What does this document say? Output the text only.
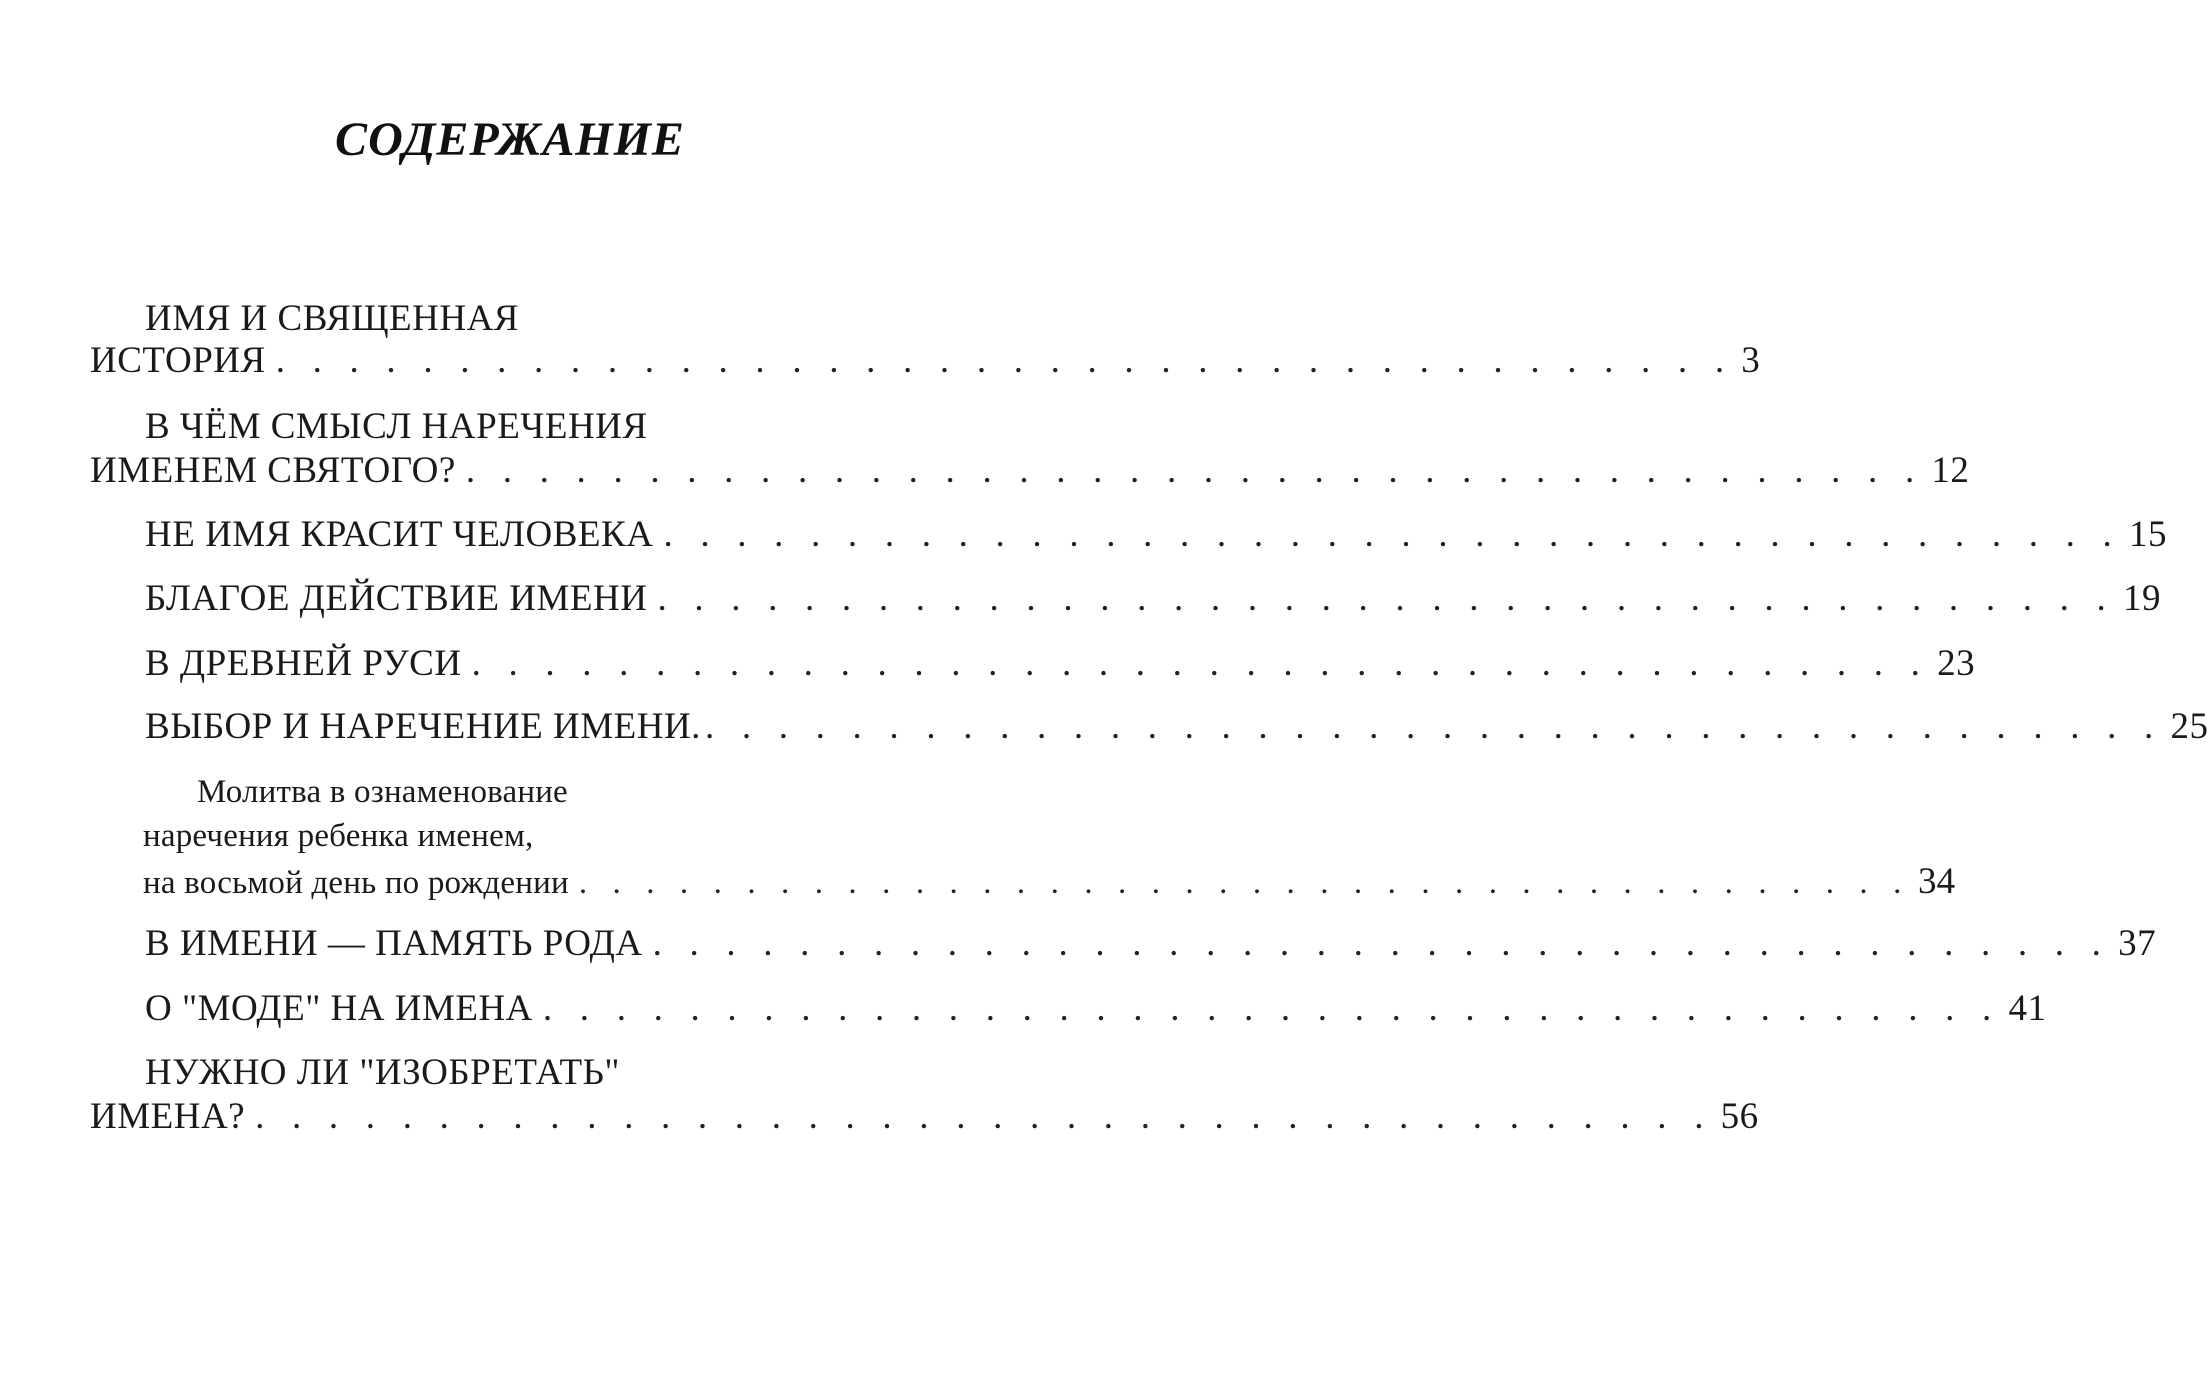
СОДЕРЖАНИЕ
ИМЯ И СВЯЩЕННАЯ
ИСТОРИЯ . . . . . . . . . . . . . . . . . . . . . . . . . . . . . . . . . . . . . . . . 3
В ЧЁМ СМЫСЛ НАРЕЧЕНИЯ
ИМЕНЕМ СВЯТОГО? . . . . . . . . . . . . . . . . . . . . . . . . . . . . . . . . . . . . . . . . 12
НЕ ИМЯ КРАСИТ ЧЕЛОВЕКА . . . . . . . . . . . . . . . . . . . . . . . . . . . . . . . . . . . . . . . . 15
БЛАГОЕ ДЕЙСТВИЕ ИМЕНИ . . . . . . . . . . . . . . . . . . . . . . . . . . . . . . . . . . . . . . . . 19
В ДРЕВНЕЙ РУСИ . . . . . . . . . . . . . . . . . . . . . . . . . . . . . . . . . . . . . . . . 23
ВЫБОР И НАРЕЧЕНИЕ ИМЕНИ. . . . . . . . . . . . . . . . . . . . . . . . . . . . . . . . . . . . . . . . . 25
Молитва в ознаменование
наречения ребенка именем,
на восьмой день по рождении . . . . . . . . . . . . . . . . . . . . . . . . . . . . . . . . . . . . . . . . 34
В ИМЕНИ — ПАМЯТЬ РОДА . . . . . . . . . . . . . . . . . . . . . . . . . . . . . . . . . . . . . . . . 37
О "МОДЕ" НА ИМЕНА . . . . . . . . . . . . . . . . . . . . . . . . . . . . . . . . . . . . . . . . 41
НУЖНО ЛИ "ИЗОБРЕТАТЬ"
ИМЕНА? . . . . . . . . . . . . . . . . . . . . . . . . . . . . . . . . . . . . . . . . 56
